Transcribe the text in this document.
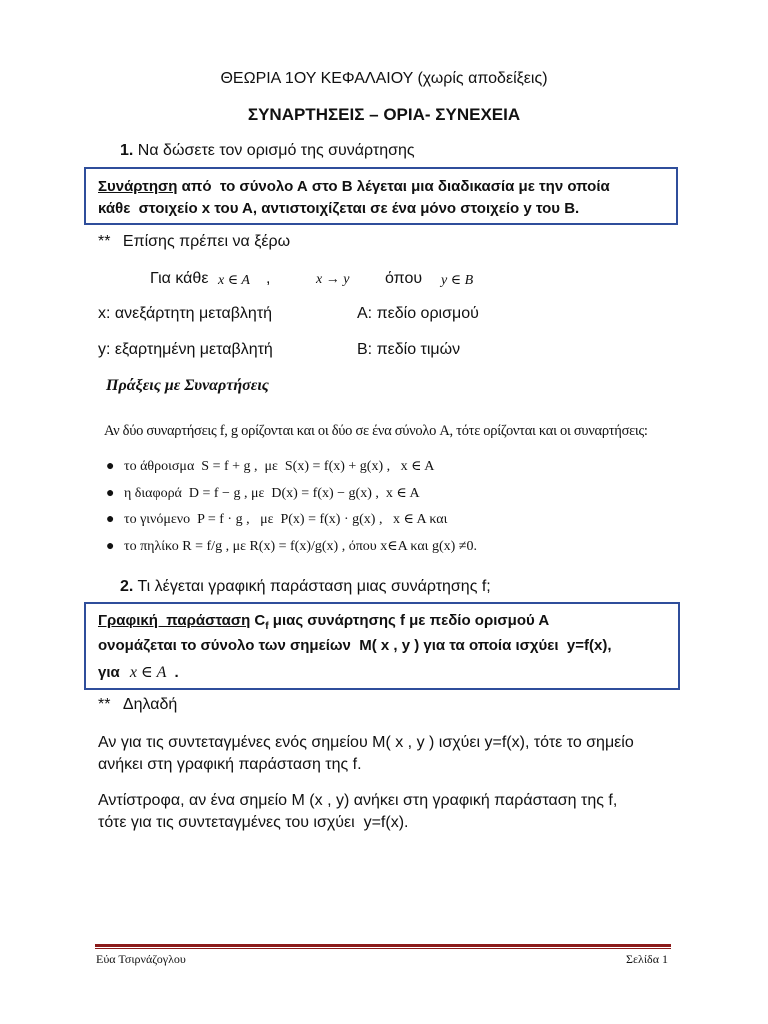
ΘΕΩΡΙΑ 1ΟΥ ΚΕΦΑΛΑΙΟΥ (χωρίς αποδείξεις)
ΣΥΝΑΡΤΗΣΕΙΣ – ΟΡΙΑ- ΣΥΝΕΧΕΙΑ
1. Να δώσετε τον ορισμό της συνάρτησης
Συνάρτηση από  το σύνολο Α στο Β λέγεται μια διαδικασία με την οποία
κάθε  στοιχείο x του Α, αντιστοιχίζεται σε ένα μόνο στοιχείο y του Β.
** Επίσης πρέπει να ξέρω
Για κάθε x ∈ A ,	x → y όπου y ∈ B
x: ανεξάρτητη μεταβλητή	Α: πεδίο ορισμού
y: εξαρτημένη μεταβλητή	Β: πεδίο τιμών
Πράξεις με Συναρτήσεις
Αν δύο συναρτήσεις f, g ορίζονται και οι δύο σε ένα σύνολο A, τότε ορίζονται και οι συναρτήσεις:
● το άθροισμα  S = f + g ,  με  S(x) = f(x) + g(x) ,   x ∈ A
● η διαφορά  D = f − g , με  D(x) = f(x) − g(x) ,  x ∈ A
● το γινόμενο  P = f · g ,   με  P(x) = f(x) · g(x) ,   x ∈ A και
● το πηλίκο R = f/g , με R(x) = f(x)/g(x) , όπου x∈A και g(x) ≠0.
2. Τι λέγεται γραφική παράσταση μιας συνάρτησης f;
Γραφική  παράσταση $C_f$ μιας συνάρτησης f με πεδίο ορισμού Α
ονομάζεται το σύνολο των σημείων  Μ( x , y ) για τα οποία ισχύει  y=f(x),
για x ∈ A .
** Δηλαδή
Αν για τις συντεταγμένες ενός σημείου Μ( x , y ) ισχύει y=f(x), τότε το σημείο
ανήκει στη γραφική παράσταση της f.
Αντίστροφα, αν ένα σημείο Μ (x , y) ανήκει στη γραφική παράσταση της f,
τότε για τις συντεταγμένες του ισχύει  y=f(x).
Εύα Τσιρνάζογλου	Σελίδα 1
